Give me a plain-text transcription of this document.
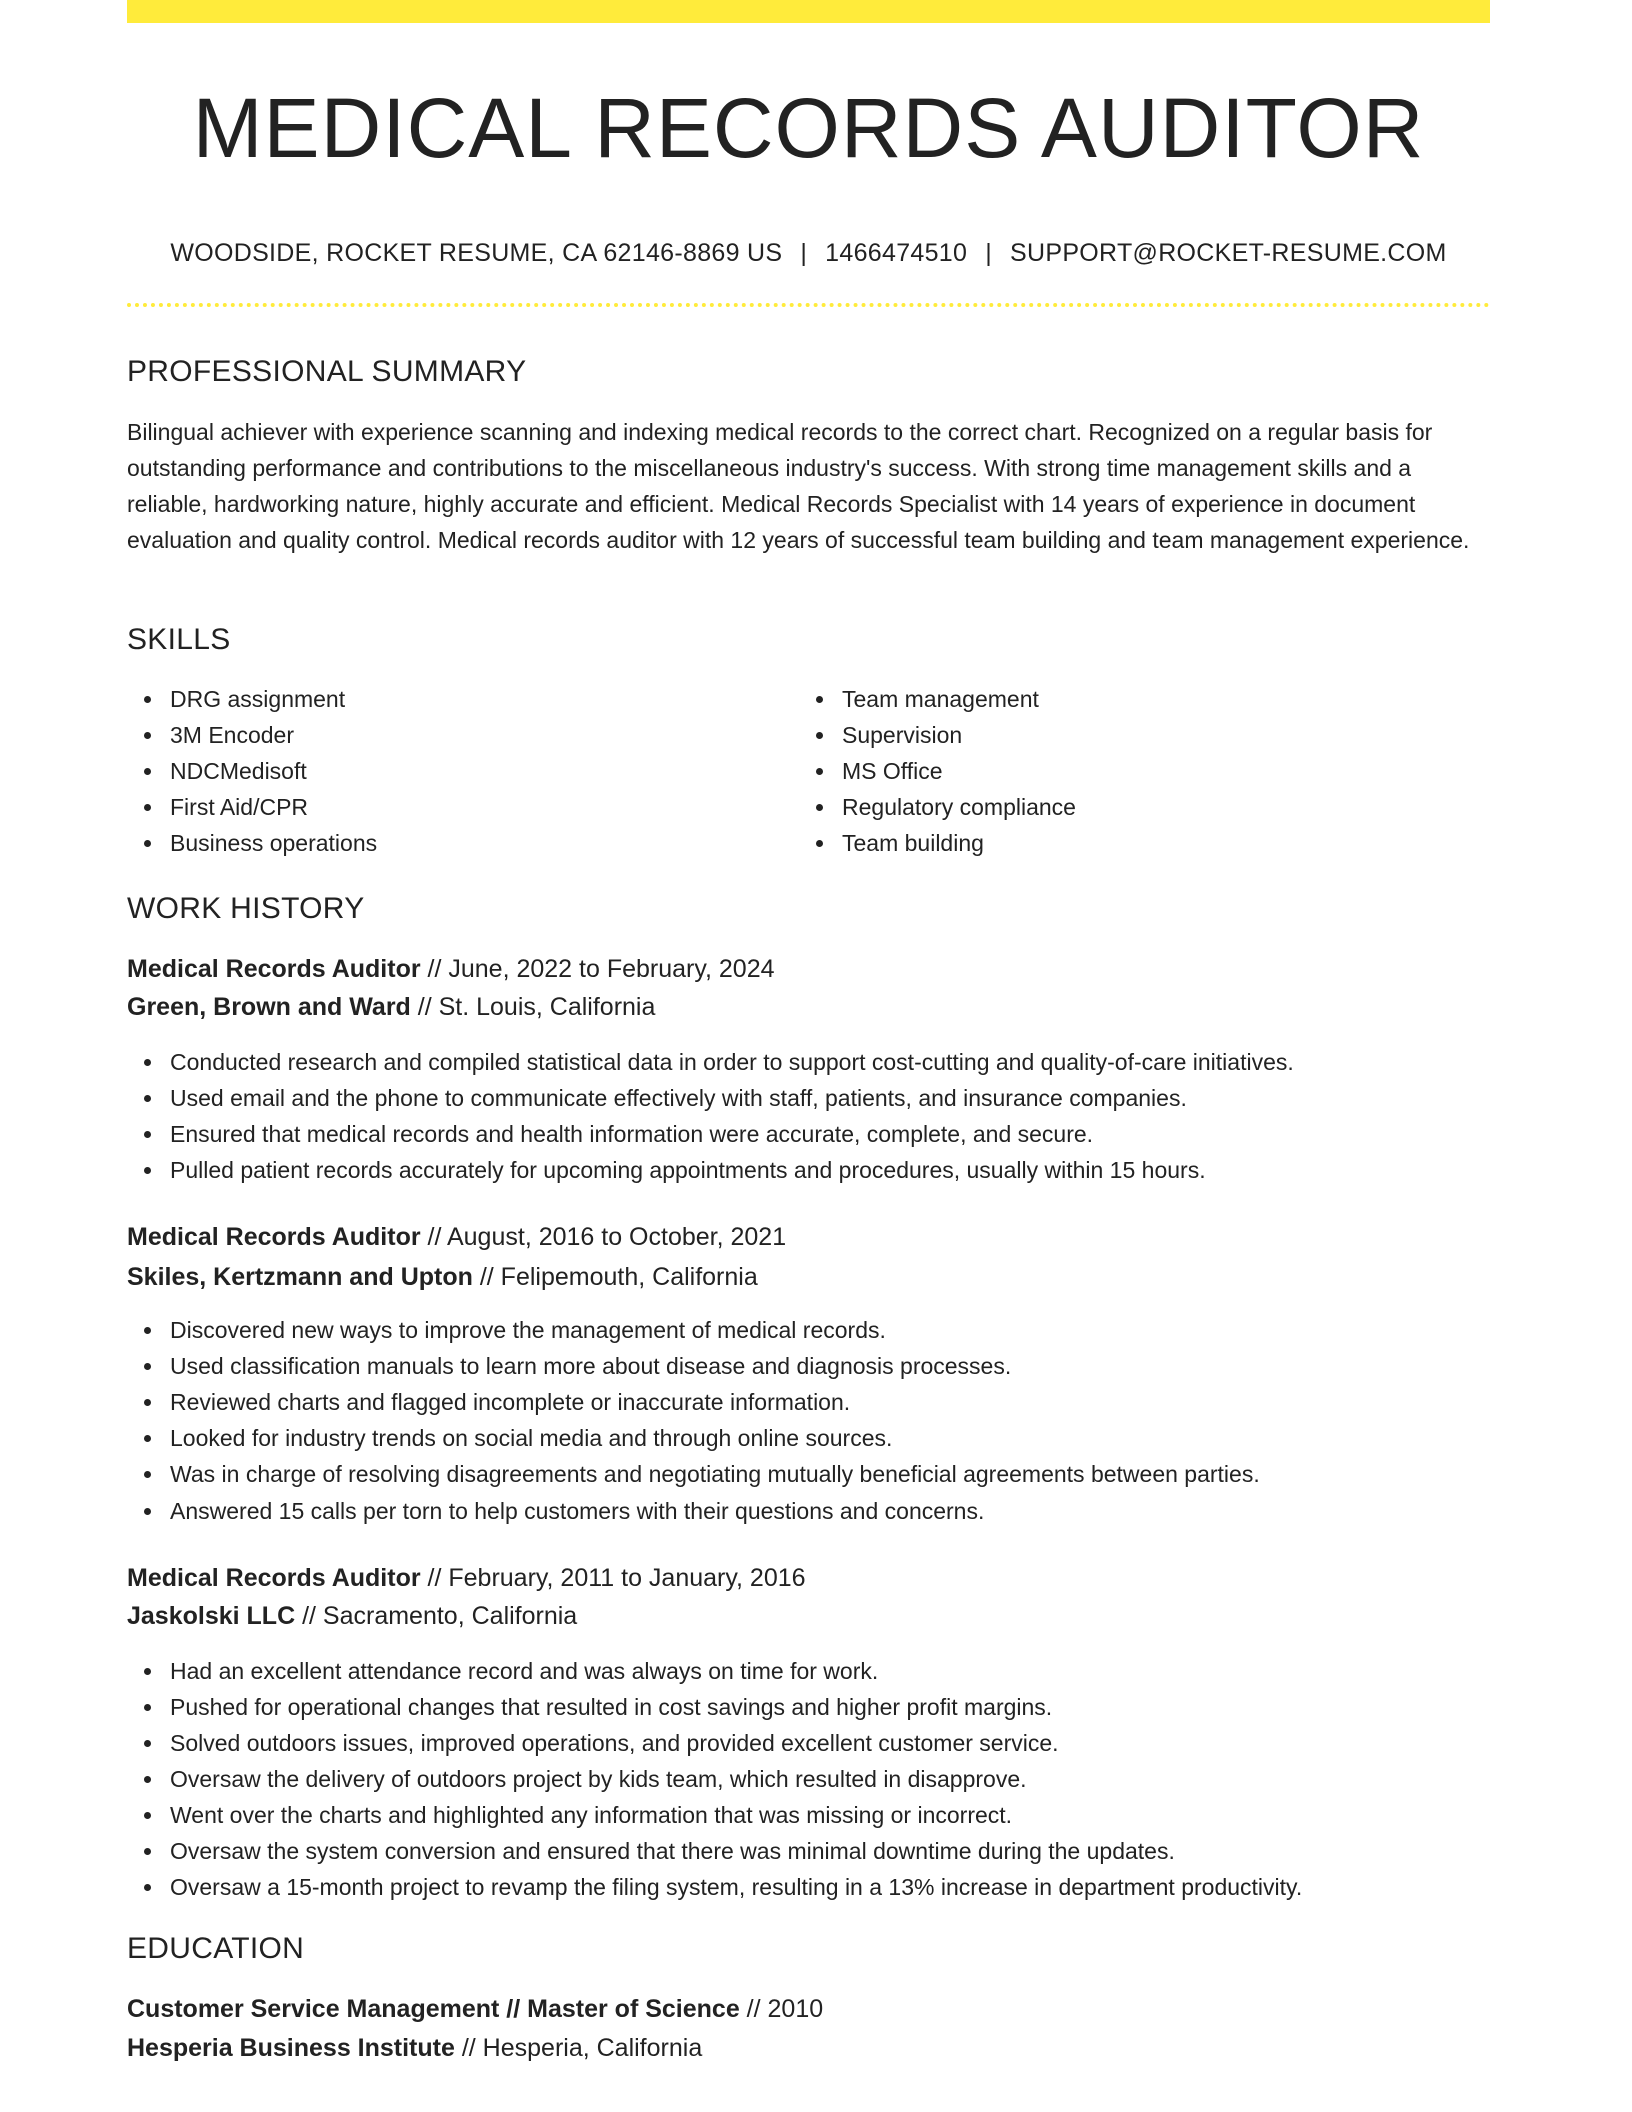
MEDICAL RECORDS AUDITOR
WOODSIDE, ROCKET RESUME, CA 62146-8869 US | 1466474510 | SUPPORT@ROCKET-RESUME.COM
PROFESSIONAL SUMMARY

Bilingual achiever with experience scanning and indexing medical records to the correct chart. Recognized on a regular basis for outstanding performance and contributions to the miscellaneous industry's success. With strong time management skills and a reliable, hardworking nature, highly accurate and efficient. Medical Records Specialist with 14 years of experience in document evaluation and quality control. Medical records auditor with 12 years of successful team building and team management experience.

SKILLS
DRG assignment
3M Encoder
NDCMedisoft
First Aid/CPR
Business operations
Team management
Supervision
MS Office
Regulatory compliance
Team building
WORK HISTORY
Medical Records Auditor // June, 2022 to February, 2024
Green, Brown and Ward // St. Louis, California
Conducted research and compiled statistical data in order to support cost-cutting and quality-of-care initiatives.
Used email and the phone to communicate effectively with staff, patients, and insurance companies.
Ensured that medical records and health information were accurate, complete, and secure.
Pulled patient records accurately for upcoming appointments and procedures, usually within 15 hours.
Medical Records Auditor // August, 2016 to October, 2021
Skiles, Kertzmann and Upton // Felipemouth, California
Discovered new ways to improve the management of medical records.
Used classification manuals to learn more about disease and diagnosis processes.
Reviewed charts and flagged incomplete or inaccurate information.
Looked for industry trends on social media and through online sources.
Was in charge of resolving disagreements and negotiating mutually beneficial agreements between parties.
Answered 15 calls per torn to help customers with their questions and concerns.
Medical Records Auditor // February, 2011 to January, 2016
Jaskolski LLC // Sacramento, California
Had an excellent attendance record and was always on time for work.
Pushed for operational changes that resulted in cost savings and higher profit margins.
Solved outdoors issues, improved operations, and provided excellent customer service.
Oversaw the delivery of outdoors project by kids team, which resulted in disapprove.
Went over the charts and highlighted any information that was missing or incorrect.
Oversaw the system conversion and ensured that there was minimal downtime during the updates.
Oversaw a 15-month project to revamp the filing system, resulting in a 13% increase in department productivity.
EDUCATION
Customer Service Management // Master of Science // 2010
Hesperia Business Institute // Hesperia, California
